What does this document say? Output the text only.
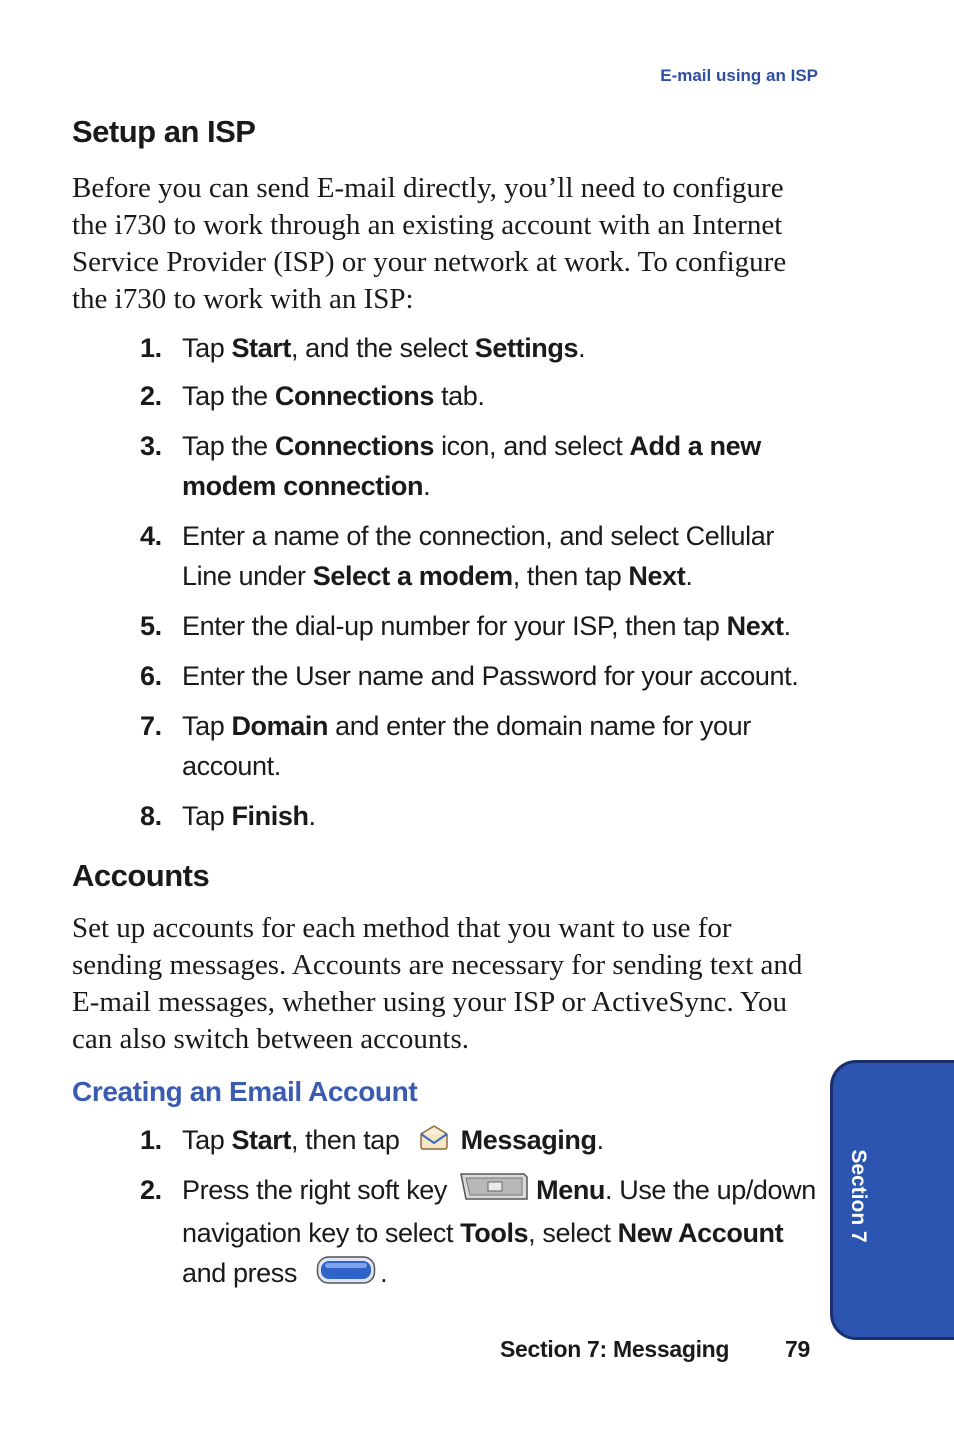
E-mail using an ISP
Setup an ISP

Before you can send E-mail directly, you’ll need to configure the i730 to work through an existing account with an Internet Service Provider (ISP) or your network at work. To configure the i730 to work with an ISP:

1. Tap Start, and the select Settings.
2. Tap the Connections tab.
3. Tap the Connections icon, and select Add a new modem connection.
4. Enter a name of the connection, and select Cellular Line under Select a modem, then tap Next.
5. Enter the dial-up number for your ISP, then tap Next.
6. Enter the User name and Password for your account.
7. Tap Domain and enter the domain name for your account.
8. Tap Finish.
Accounts

Set up accounts for each method that you want to use for sending messages. Accounts are necessary for sending text and E-mail messages, whether using your ISP or ActiveSync. You can also switch between accounts.

Creating an Email Account
1. Tap Start, then tap Messaging.
2. Press the right soft key	Menu. Use the up/down navigation key to select Tools, select New Account and press	.
Section 7
Section 7: Messaging 79
